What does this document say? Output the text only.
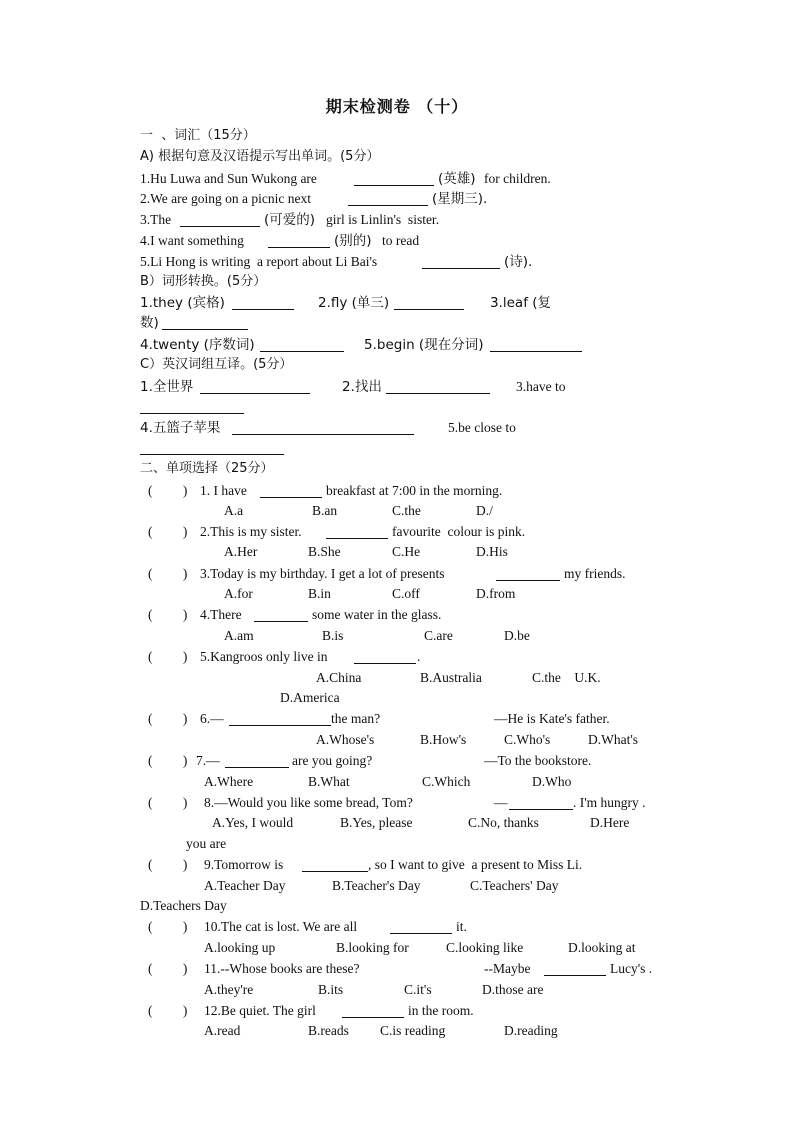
期末检测卷 （十）
一  、词汇（15分）
A) 根据句意及汉语提示写出单词。(5分）
1.Hu Luwa and Sun Wukong are	(英雄) for children.
2.We are going on a picnic next	(星期三).
3.The	(可爱的) girl is Linlin's  sister.
4.I want something	(别的) to read
5.Li Hong is writing  a report about Li Bai's	(诗).
B）词形转换。(5分）
1.they (宾格)	2.fly (单三)	3.leaf (复
数)
4.twenty (序数词)	5.begin (现在分词)
C）英汉词组互译。(5分）
1.全世界	2.找出	3.have to
4.五篮子苹果	5.be close to
二、单项选择（25分）
(         ) 1. I have	breakfast at 7:00 in the morning.
A.a	B.an	C.the	D./
(         ) 2.This is my sister.	favourite  colour is pink.
A.Her	B.She	C.He	D.His
(         ) 3.Today is my birthday. I get a lot of presents	my friends.
A.for	B.in	C.off	D.from
(         ) 4.There	some water in the glass.
A.am	B.is	C.are	D.be
(         ) 5.Kangroos only live in	.
A.China	B.Australia	C.the    U.K.
D.America
(         ) 6.—	the man?	—He is Kate's father.
A.Whose's	B.How's	C.Who's	D.What's
(         ) 7.—	are you going?	—To the bookstore.
A.Where	B.What	C.Which	D.Who
(         ) 8.—Would you like some bread, Tom?	—	. I'm hungry .
A.Yes, I would	B.Yes, please	C.No, thanks	D.Here
you are
(         ) 9.Tomorrow is	, so I want to give  a present to Miss Li.
A.Teacher Day	B.Teacher's Day	C.Teachers' Day
D.Teachers Day
(         ) 10.The cat is lost. We are all	it.
A.looking up	B.looking for	C.looking like	D.looking at
(         ) 11.--Whose books are these?	--Maybe	Lucy's .
A.they're	B.its	C.it's	D.those are
(         ) 12.Be quiet. The girl	in the room.
A.read	B.reads C.is reading	D.reading
